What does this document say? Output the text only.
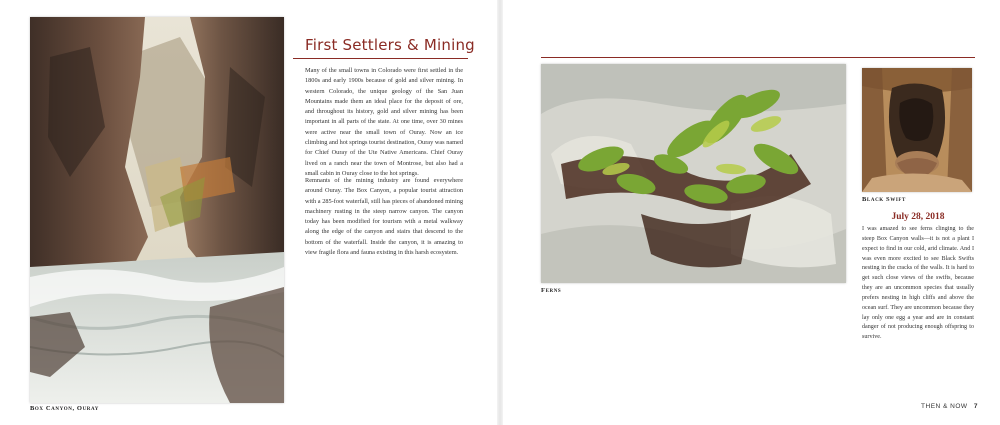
Box Canyon, Ouray
First Settlers & Mining

Many of the small towns in Colorado were first settled in the 1800s and early 1900s because of gold and silver mining. In western Colorado, the unique geology of the San Juan Mountains made them an ideal place for the deposit of ore, and throughout its history, gold and silver mining has been important in all parts of the state. At one time, over 30 mines were active near the small town of Ouray. Now an ice climbing and hot springs tourist destination, Ouray was named for Chief Ouray of the Ute Native Americans. Chief Ouray lived on a ranch near the town of Montrose, but also had a small cabin in Ouray close to the hot springs.

Remnants of the mining industry are found everywhere around Ouray. The Box Canyon, a popular tourist attraction with a 285-foot waterfall, still has pieces of abandoned mining machinery rusting in the steep narrow canyon. The canyon today has been modified for tourism with a metal walkway along the edge of the canyon and stairs that descend to the bottom of the waterfall. Inside the canyon, it is amazing to view fragile flora and fauna existing in this harsh ecosystem.

Ferns
Black Swift
July 28, 2018
I was amazed to see ferns clinging to the steep Box Canyon walls—it is not a plant I expect to find in our cold, arid climate. And I was even more excited to see Black Swifts nesting in the cracks of the walls. It is hard to get such close views of the swifts, because they are an uncommon species that usually prefers nesting in high cliffs and above the ocean surf. They are uncommon because they lay only one egg a year and are in constant danger of not producing enough offspring to survive.
THEN & NOW 7
